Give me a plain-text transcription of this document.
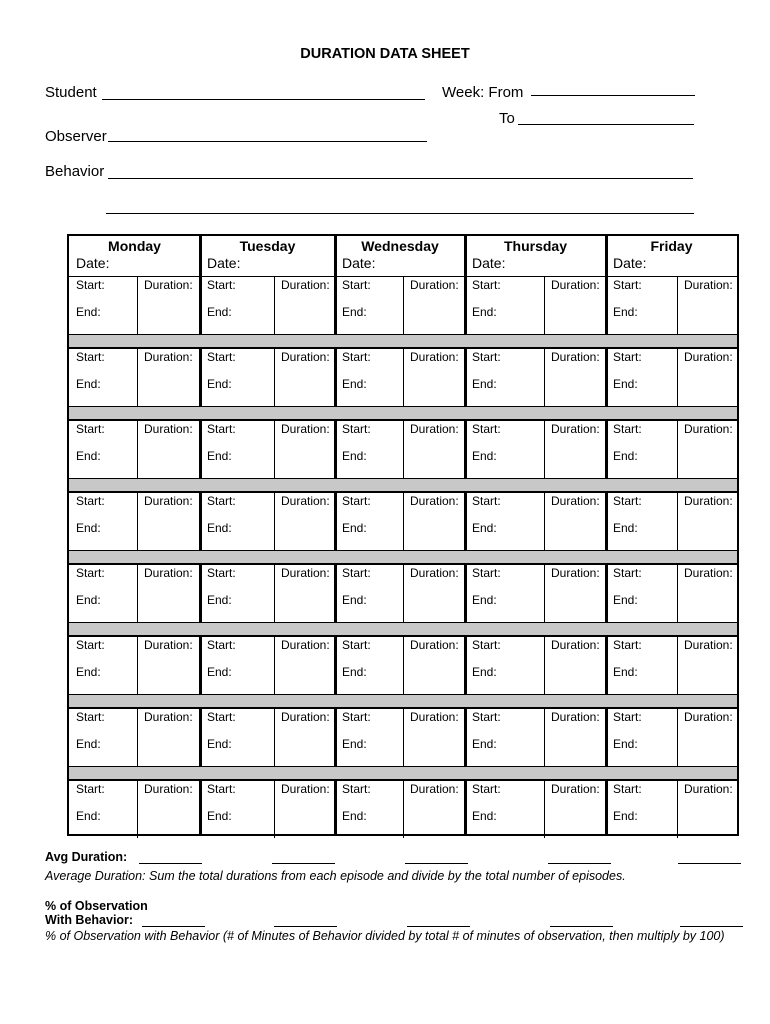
DURATION DATA SHEET
Student	Week: From
To
Observer
Behavior
Monday
Date:
Tuesday
Date:
Wednesday
Date:
Thursday
Date:
Friday
Date:
Start:
End:
Duration: Start:
End:
Duration: Start:
End:
Duration: Start:
End:
Duration: Start:
End:
Duration:
Start:
End:
Duration: Start:
End:
Duration: Start:
End:
Duration: Start:
End:
Duration: Start:
End:
Duration:
Start:
End:
Duration: Start:
End:
Duration: Start:
End:
Duration: Start:
End:
Duration: Start:
End:
Duration:
Start:
End:
Duration: Start:
End:
Duration: Start:
End:
Duration: Start:
End:
Duration: Start:
End:
Duration:
Start:
End:
Duration: Start:
End:
Duration: Start:
End:
Duration: Start:
End:
Duration: Start:
End:
Duration:
Start:
End:
Duration: Start:
End:
Duration: Start:
End:
Duration: Start:
End:
Duration: Start:
End:
Duration:
Start:
End:
Duration: Start:
End:
Duration: Start:
End:
Duration: Start:
End:
Duration: Start:
End:
Duration:
Start:
End:
Duration: Start:
End:
Duration: Start:
End:
Duration: Start:
End:
Duration: Start:
End:
Duration:
Avg Duration:
Average Duration: Sum the total durations from each episode and divide by the total number of episodes.
% of Observation
With Behavior:
% of Observation with Behavior (# of Minutes of Behavior divided by total # of minutes of observation, then multiply by 100)
